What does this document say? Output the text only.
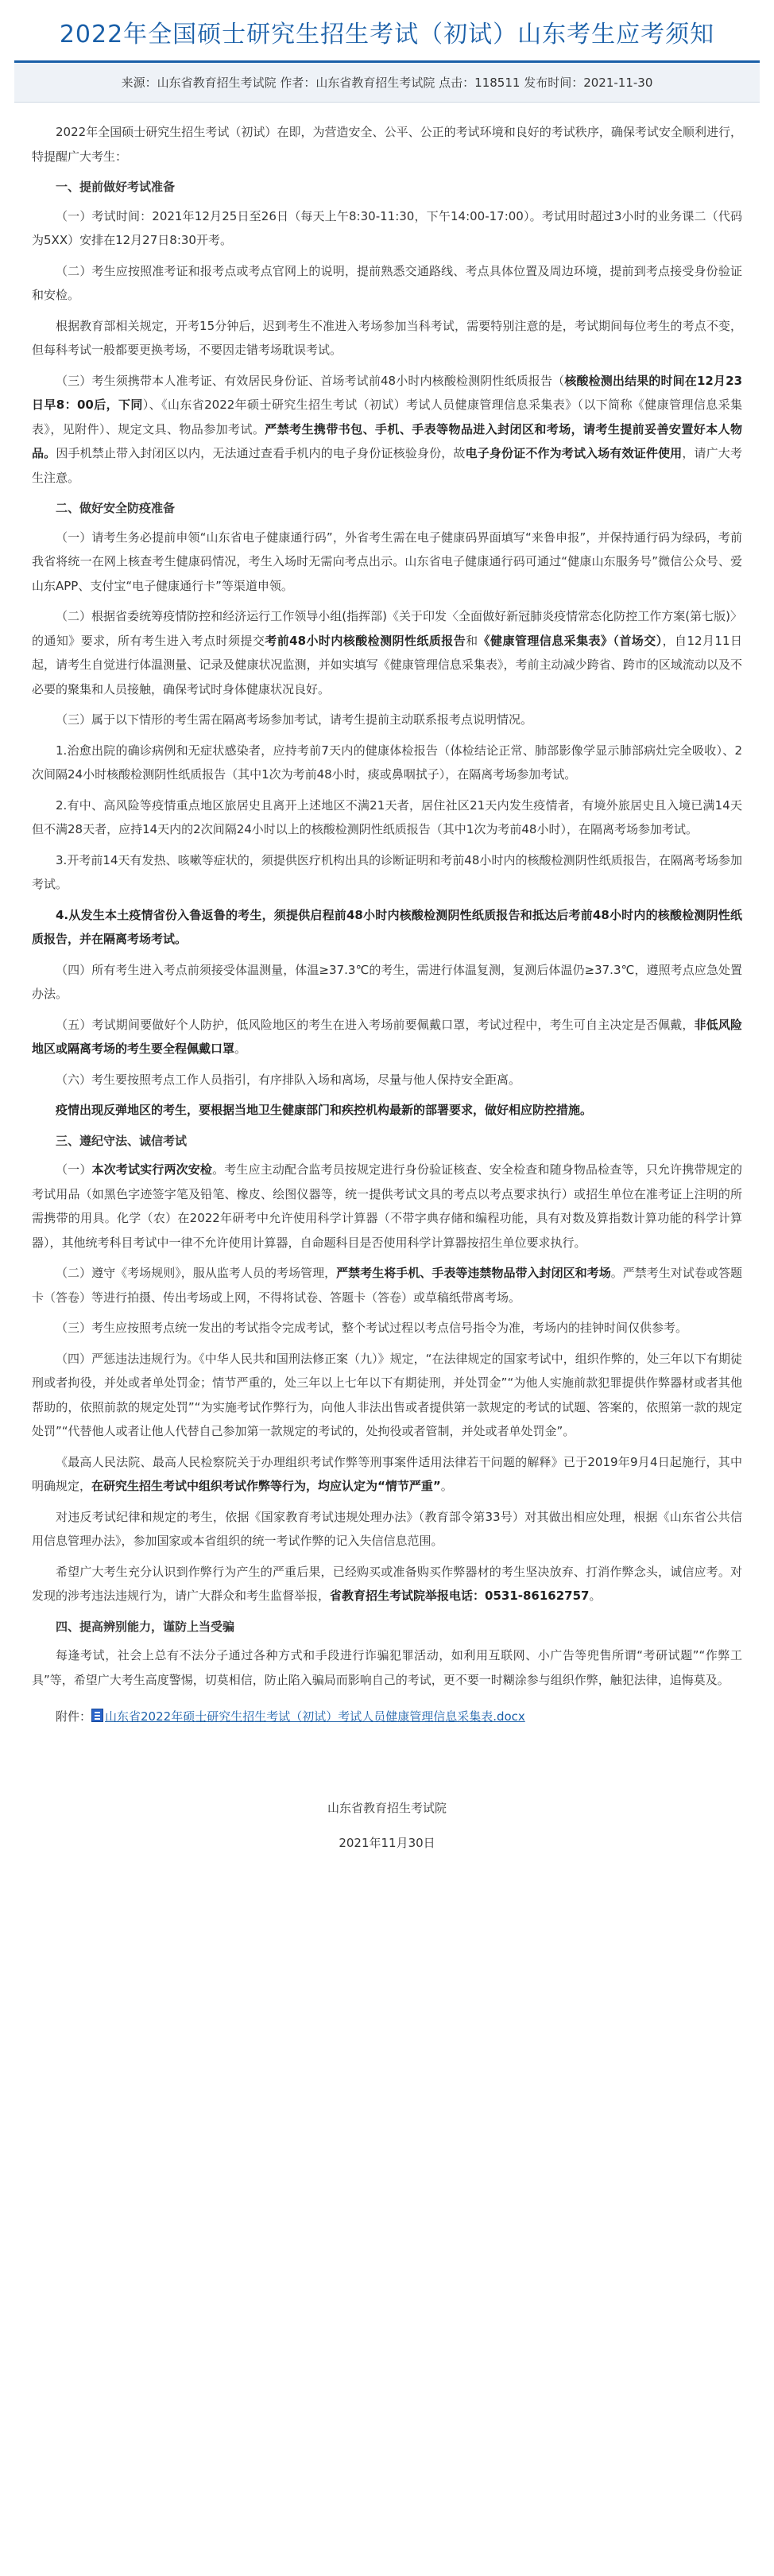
2022年全国硕士研究生招生考试（初试）山东考生应考须知
来源：山东省教育招生考试院 作者：山东省教育招生考试院 点击：118511 发布时间：2021-11-30

2022年全国硕士研究生招生考试（初试）在即，为营造安全、公平、公正的考试环境和良好的考试秩序，确保考试安全顺利进行，特提醒广大考生：

一、提前做好考试准备

（一）考试时间：2021年12月25日至26日（每天上午8:30-11:30，下午14:00-17:00）。考试用时超过3小时的业务课二（代码为5XX）安排在12月27日8:30开考。

（二）考生应按照准考证和报考点或考点官网上的说明，提前熟悉交通路线、考点具体位置及周边环境，提前到考点接受身份验证和安检。

根据教育部相关规定，开考15分钟后，迟到考生不准进入考场参加当科考试，需要特别注意的是，考试期间每位考生的考点不变，但每科考试一般都要更换考场，不要因走错考场耽误考试。

（三）考生须携带本人准考证、有效居民身份证、首场考试前48小时内核酸检测阴性纸质报告（核酸检测出结果的时间在12月23日早8：00后，下同）、《山东省2022年硕士研究生招生考试（初试）考试人员健康管理信息采集表》（以下简称《健康管理信息采集表》，见附件）、规定文具、物品参加考试。严禁考生携带书包、手机、手表等物品进入封闭区和考场，请考生提前妥善安置好本人物品。因手机禁止带入封闭区以内，无法通过查看手机内的电子身份证核验身份，故电子身份证不作为考试入场有效证件使用，请广大考生注意。

二、做好安全防疫准备

（一）请考生务必提前申领“山东省电子健康通行码”，外省考生需在电子健康码界面填写“来鲁申报”，并保持通行码为绿码，考前我省将统一在网上核查考生健康码情况，考生入场时无需向考点出示。山东省电子健康通行码可通过“健康山东服务号”微信公众号、爱山东APP、支付宝“电子健康通行卡”等渠道申领。

（二）根据省委统筹疫情防控和经济运行工作领导小组(指挥部)《关于印发〈全面做好新冠肺炎疫情常态化防控工作方案(第七版)〉的通知》要求，所有考生进入考点时须提交考前48小时内核酸检测阴性纸质报告和《健康管理信息采集表》（首场交），自12月11日起，请考生自觉进行体温测量、记录及健康状况监测，并如实填写《健康管理信息采集表》，考前主动减少跨省、跨市的区域流动以及不必要的聚集和人员接触，确保考试时身体健康状况良好。

（三）属于以下情形的考生需在隔离考场参加考试，请考生提前主动联系报考点说明情况。

1.治愈出院的确诊病例和无症状感染者，应持考前7天内的健康体检报告（体检结论正常、肺部影像学显示肺部病灶完全吸收）、2次间隔24小时核酸检测阴性纸质报告（其中1次为考前48小时，痰或鼻咽拭子），在隔离考场参加考试。

2.有中、高风险等疫情重点地区旅居史且离开上述地区不满21天者，居住社区21天内发生疫情者，有境外旅居史且入境已满14天但不满28天者，应持14天内的2次间隔24小时以上的核酸检测阴性纸质报告（其中1次为考前48小时），在隔离考场参加考试。

3.开考前14天有发热、咳嗽等症状的，须提供医疗机构出具的诊断证明和考前48小时内的核酸检测阴性纸质报告，在隔离考场参加考试。

4.从发生本土疫情省份入鲁返鲁的考生，须提供启程前48小时内核酸检测阴性纸质报告和抵达后考前48小时内的核酸检测阴性纸质报告，并在隔离考场考试。

（四）所有考生进入考点前须接受体温测量，体温≥37.3℃的考生，需进行体温复测，复测后体温仍≥37.3℃，遵照考点应急处置办法。

（五）考试期间要做好个人防护，低风险地区的考生在进入考场前要佩戴口罩，考试过程中，考生可自主决定是否佩戴，非低风险地区或隔离考场的考生要全程佩戴口罩。

（六）考生要按照考点工作人员指引，有序排队入场和离场，尽量与他人保持安全距离。

疫情出现反弹地区的考生，要根据当地卫生健康部门和疾控机构最新的部署要求，做好相应防控措施。

三、遵纪守法、诚信考试

（一）本次考试实行两次安检。考生应主动配合监考员按规定进行身份验证核查、安全检查和随身物品检查等，只允许携带规定的考试用品（如黑色字迹签字笔及铅笔、橡皮、绘图仪器等，统一提供考试文具的考点以考点要求执行）或招生单位在准考证上注明的所需携带的用具。化学（农）在2022年研考中允许使用科学计算器（不带字典存储和编程功能，具有对数及算指数计算功能的科学计算器），其他统考科目考试中一律不允许使用计算器，自命题科目是否使用科学计算器按招生单位要求执行。

（二）遵守《考场规则》，服从监考人员的考场管理，严禁考生将手机、手表等违禁物品带入封闭区和考场。严禁考生对试卷或答题卡（答卷）等进行拍摄、传出考场或上网，不得将试卷、答题卡（答卷）或草稿纸带离考场。

（三）考生应按照考点统一发出的考试指令完成考试，整个考试过程以考点信号指令为准，考场内的挂钟时间仅供参考。

（四）严惩违法违规行为。《中华人民共和国刑法修正案（九）》规定，“在法律规定的国家考试中，组织作弊的，处三年以下有期徒刑或者拘役，并处或者单处罚金；情节严重的，处三年以上七年以下有期徒刑，并处罚金”“为他人实施前款犯罪提供作弊器材或者其他帮助的，依照前款的规定处罚”“为实施考试作弊行为，向他人非法出售或者提供第一款规定的考试的试题、答案的，依照第一款的规定处罚”“代替他人或者让他人代替自己参加第一款规定的考试的，处拘役或者管制，并处或者单处罚金”。

《最高人民法院、最高人民检察院关于办理组织考试作弊等刑事案件适用法律若干问题的解释》已于2019年9月4日起施行，其中明确规定，在研究生招生考试中组织考试作弊等行为，均应认定为“情节严重”。

对违反考试纪律和规定的考生，依据《国家教育考试违规处理办法》（教育部令第33号）对其做出相应处理，根据《山东省公共信用信息管理办法》，参加国家或本省组织的统一考试作弊的记入失信信息范围。

希望广大考生充分认识到作弊行为产生的严重后果，已经购买或准备购买作弊器材的考生坚决放弃、打消作弊念头，诚信应考。对发现的涉考违法违规行为，请广大群众和考生监督举报，省教育招生考试院举报电话：0531-86162757。

四、提高辨别能力，谨防上当受骗

每逢考试，社会上总有不法分子通过各种方式和手段进行诈骗犯罪活动，如利用互联网、小广告等兜售所谓“考研试题”“作弊工具”等，希望广大考生高度警惕，切莫相信，防止陷入骗局而影响自己的考试，更不要一时糊涂参与组织作弊，触犯法律，追悔莫及。

附件： 山东省2022年硕士研究生招生考试（初试）考试人员健康管理信息采集表.docx
山东省教育招生考试院
2021年11月30日
